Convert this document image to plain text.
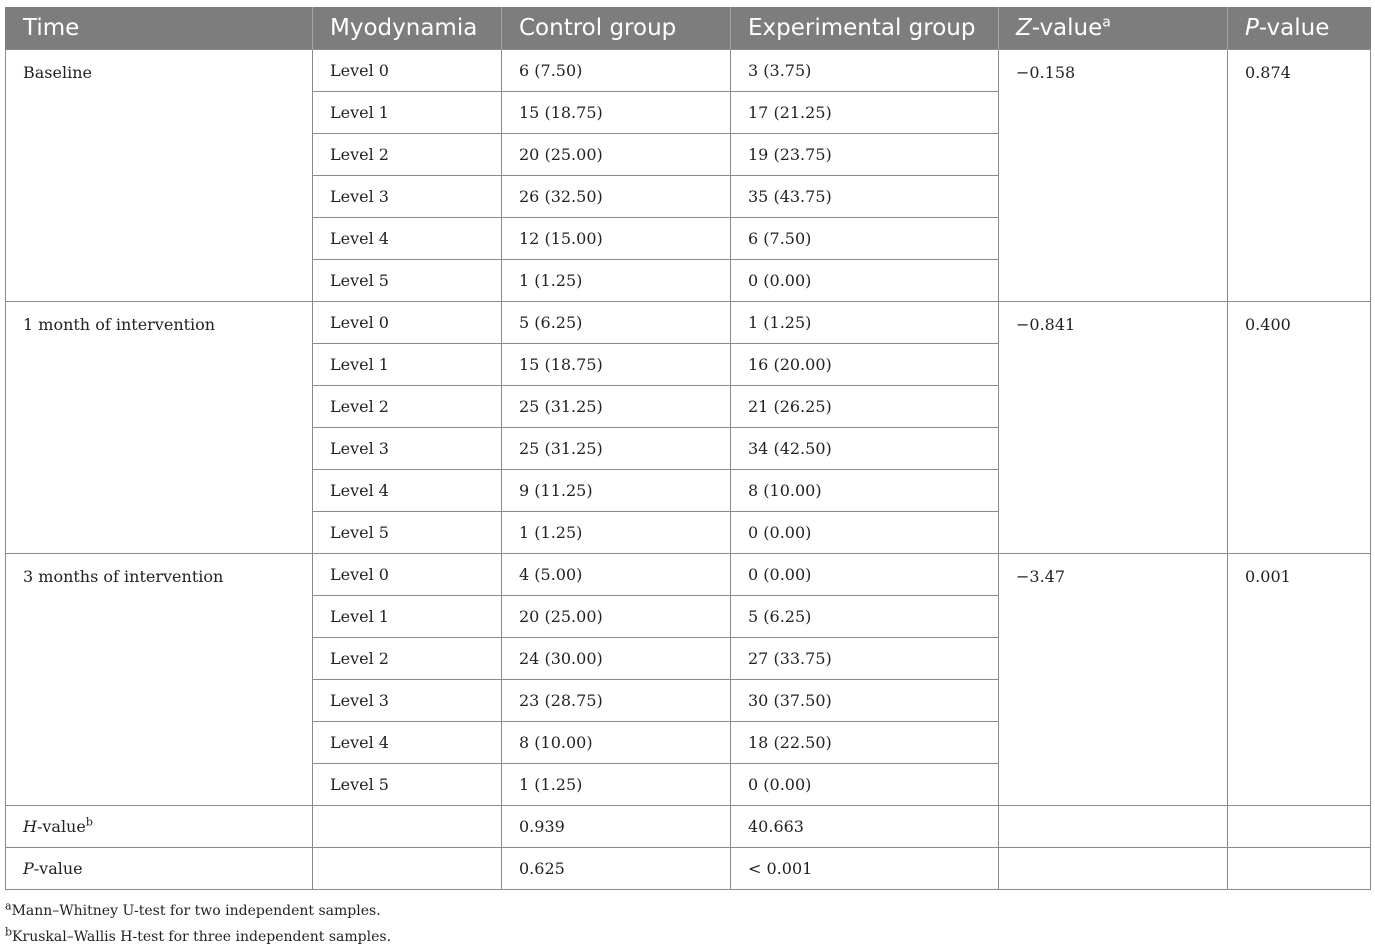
Time	Myodynamia	Control group	Experimental group	Z-value$^a$	P-value
Baseline	Level 0	6 (7.50)	3 (3.75)	−0.158	0.874
	Level 1	15 (18.75)	17 (21.25)		
	Level 2	20 (25.00)	19 (23.75)		
	Level 3	26 (32.50)	35 (43.75)		
	Level 4	12 (15.00)	6 (7.50)		
	Level 5	1 (1.25)	0 (0.00)		
1 month of intervention	Level 0	5 (6.25)	1 (1.25)	−0.841	0.400
	Level 1	15 (18.75)	16 (20.00)		
	Level 2	25 (31.25)	21 (26.25)		
	Level 3	25 (31.25)	34 (42.50)		
	Level 4	9 (11.25)	8 (10.00)		
	Level 5	1 (1.25)	0 (0.00)		
3 months of intervention	Level 0	4 (5.00)	0 (0.00)	−3.47	0.001
	Level 1	20 (25.00)	5 (6.25)		
	Level 2	24 (30.00)	27 (33.75)		
	Level 3	23 (28.75)	30 (37.50)		
	Level 4	8 (10.00)	18 (22.50)		
	Level 5	1 (1.25)	0 (0.00)		
H-value$^b$		0.939	40.663		
P-value		0.625	< 0.001		

$^a$Mann–Whitney U-test for two independent samples.

$^b$Kruskal–Wallis H-test for three independent samples.
